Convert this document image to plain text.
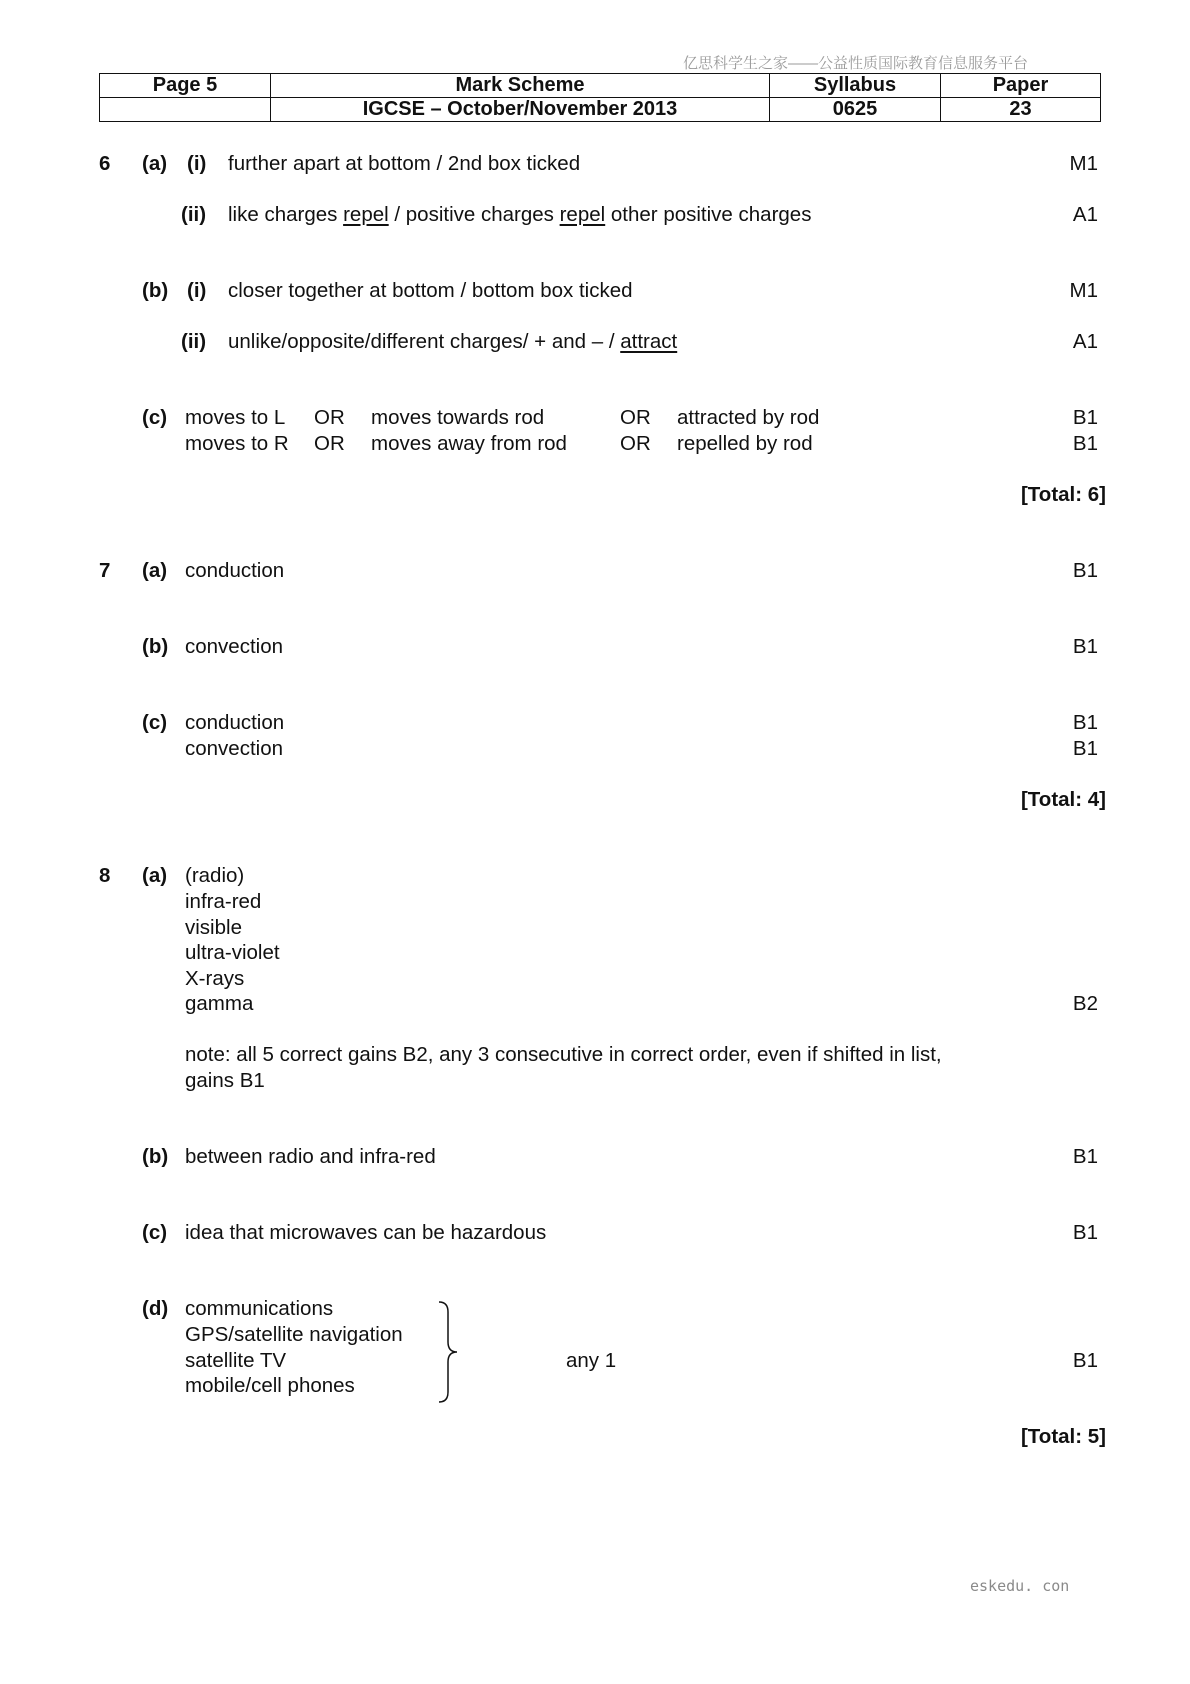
亿思科学生之家——公益性质国际教育信息服务平台
Page 5	Mark Scheme	Syllabus	Paper
	IGCSE – October/November 2013	0625	23
6 (a) (i) further apart at bottom / 2nd box ticked	M1
(ii) like charges repel / positive charges repel other positive charges	A1
(b) (i) closer together at bottom / bottom box ticked	M1
(ii) unlike/opposite/different charges/ + and – / attract	A1
(c) moves to L OR moves towards rod	OR attracted by rod	B1
moves to R OR moves away from rod	OR repelled by rod	B1
[Total: 6]
7 (a) conduction	B1
(b) convection	B1
(c) conduction	B1
convection	B1
[Total: 4]
8 (a) (radio)
infra-red
visible
ultra-violet
X-rays
gamma	B2
note: all 5 correct gains B2, any 3 consecutive in correct order, even if shifted in list,
gains B1
(b) between radio and infra-red	B1
(c) idea that microwaves can be hazardous	B1
(d) communications
GPS/satellite navigation
satellite TV
mobile/cell phones
any 1	B1
[Total: 5]
eskedu. con
